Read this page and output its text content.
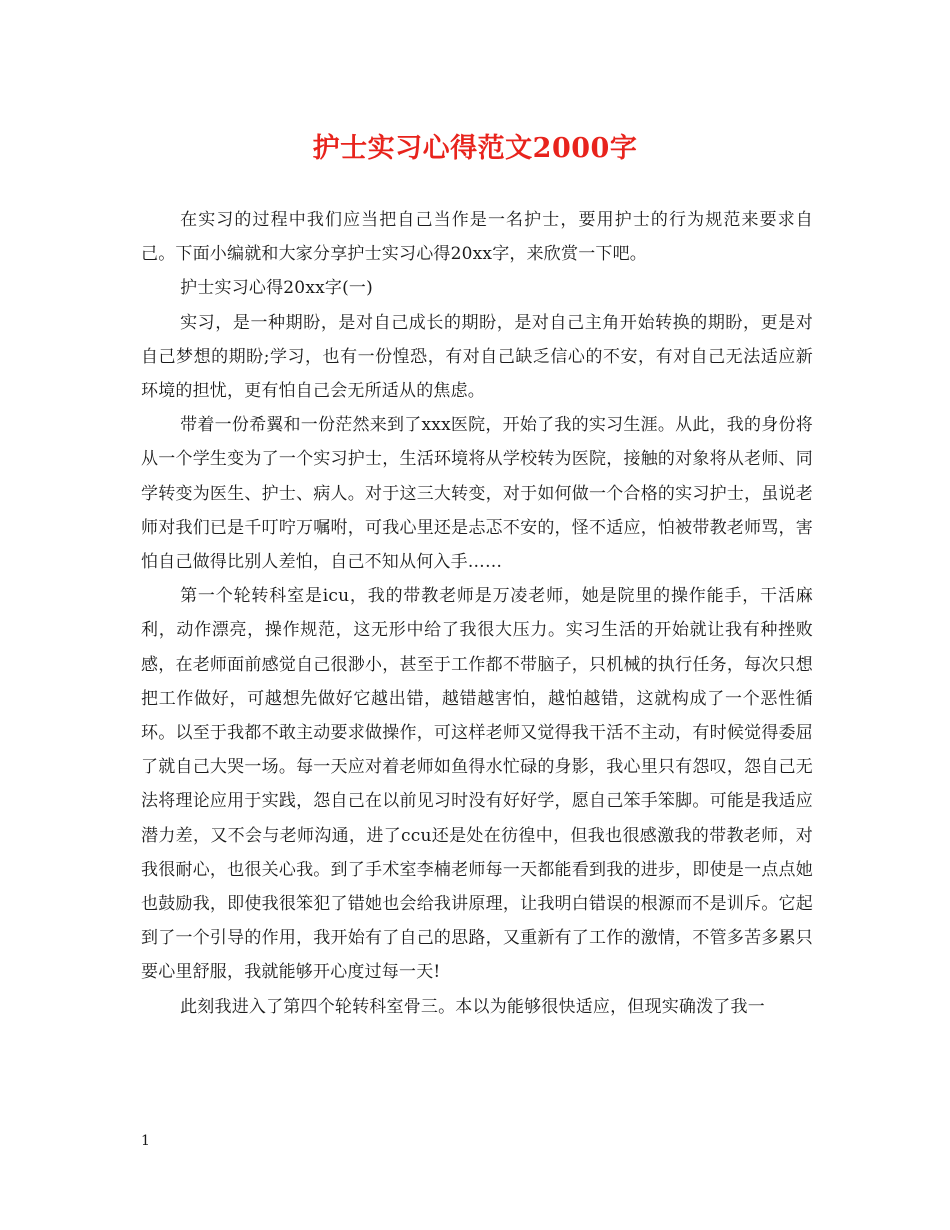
护士实习心得范文2000字

在实习的过程中我们应当把自己当作是一名护士，要用护士的行为规范来要求自己。下面小编就和大家分享护士实习心得20xx字，来欣赏一下吧。

护士实习心得20xx字(一)

实习，是一种期盼，是对自己成长的期盼，是对自己主角开始转换的期盼，更是对自己梦想的期盼;学习，也有一份惶恐，有对自己缺乏信心的不安，有对自己无法适应新环境的担忧，更有怕自己会无所适从的焦虑。

带着一份希翼和一份茫然来到了xxx医院，开始了我的实习生涯。从此，我的身份将从一个学生变为了一个实习护士，生活环境将从学校转为医院，接触的对象将从老师、同学转变为医生、护士、病人。对于这三大转变，对于如何做一个合格的实习护士，虽说老师对我们已是千叮咛万嘱咐，可我心里还是忐忑不安的，怪不适应，怕被带教老师骂，害怕自己做得比别人差怕，自己不知从何入手……

第一个轮转科室是icu，我的带教老师是万凌老师，她是院里的操作能手，干活麻利，动作漂亮，操作规范，这无形中给了我很大压力。实习生活的开始就让我有种挫败感，在老师面前感觉自己很渺小，甚至于工作都不带脑子，只机械的执行任务，每次只想把工作做好，可越想先做好它越出错，越错越害怕，越怕越错，这就构成了一个恶性循环。以至于我都不敢主动要求做操作，可这样老师又觉得我干活不主动，有时候觉得委屈了就自己大哭一场。每一天应对着老师如鱼得水忙碌的身影，我心里只有怨叹，怨自己无法将理论应用于实践，怨自己在以前见习时没有好好学，愿自己笨手笨脚。可能是我适应潜力差，又不会与老师沟通，进了ccu还是处在彷徨中，但我也很感激我的带教老师，对我很耐心，也很关心我。到了手术室李楠老师每一天都能看到我的进步，即使是一点点她也鼓励我，即使我很笨犯了错她也会给我讲原理，让我明白错误的根源而不是训斥。它起到了一个引导的作用，我开始有了自己的思路，又重新有了工作的激情，不管多苦多累只要心里舒服，我就能够开心度过每一天!

此刻我进入了第四个轮转科室骨三。本以为能够很快适应，但现实确泼了我一

1
